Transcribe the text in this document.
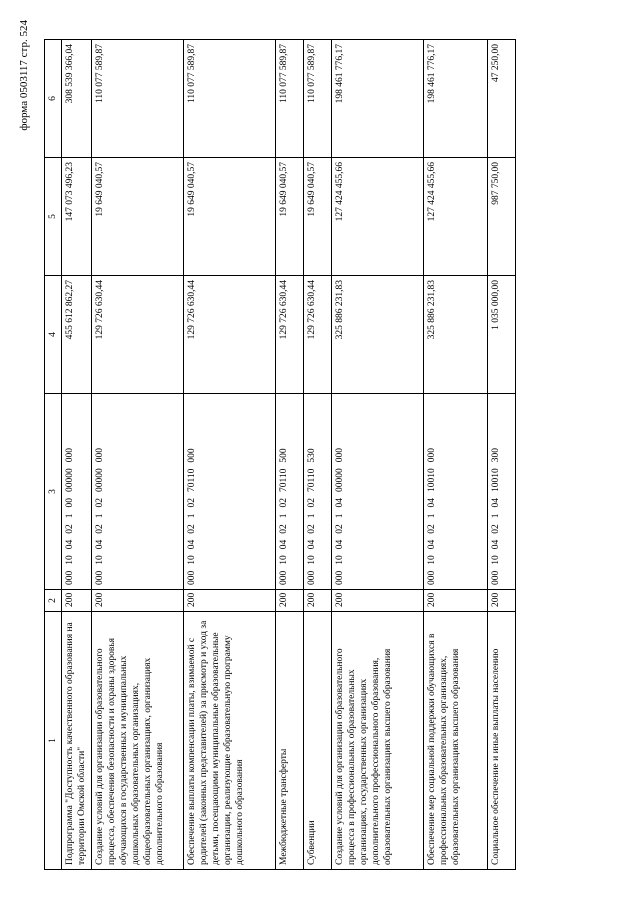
форма 0503117 стр. 524
1	2	3	4	5	6
Подпрограмма "Доступность качественного образования на территории Омской области"	200	00010040210000000000	455 612 862,27	147 073 496,23	308 539 366,04
Создание условий для организации образовательного процесса, обеспечения безопасности и охраны здоровья обучающихся в государственных и муниципальных дошкольных образовательных организациях, общеобразовательных организациях, организациях дополнительного образования	200	00010040210200000000	129 726 630,44	19 649 040,57	110 077 589,87
Обеспечение выплаты компенсации платы, взимаемой с родителей (законных представителей) за присмотр и уход за детьми, посещающими муниципальные образовательные организации, реализующие образовательную программу дошкольного образования	200	00010040210270110000	129 726 630,44	19 649 040,57	110 077 589,87
Межбюджетные трансферты	200	00010040210270110500	129 726 630,44	19 649 040,57	110 077 589,87
Субвенции	200	00010040210270110530	129 726 630,44	19 649 040,57	110 077 589,87
Создание условий для организации образовательного процесса в профессиональных образовательных организациях, государственных организациях дополнительного профессионального образования, образовательных организациях высшего образования	200	00010040210400000000	325 886 231,83	127 424 455,66	198 461 776,17
Обеспечение мер социальной поддержки обучающихся в профессиональных образовательных организациях, образовательных организациях высшего образования	200	00010040210410010000	325 886 231,83	127 424 455,66	198 461 776,17
Социальное обеспечение и иные выплаты населению	200	00010040210410010300	1 035 000,00	987 750,00	47 250,00
